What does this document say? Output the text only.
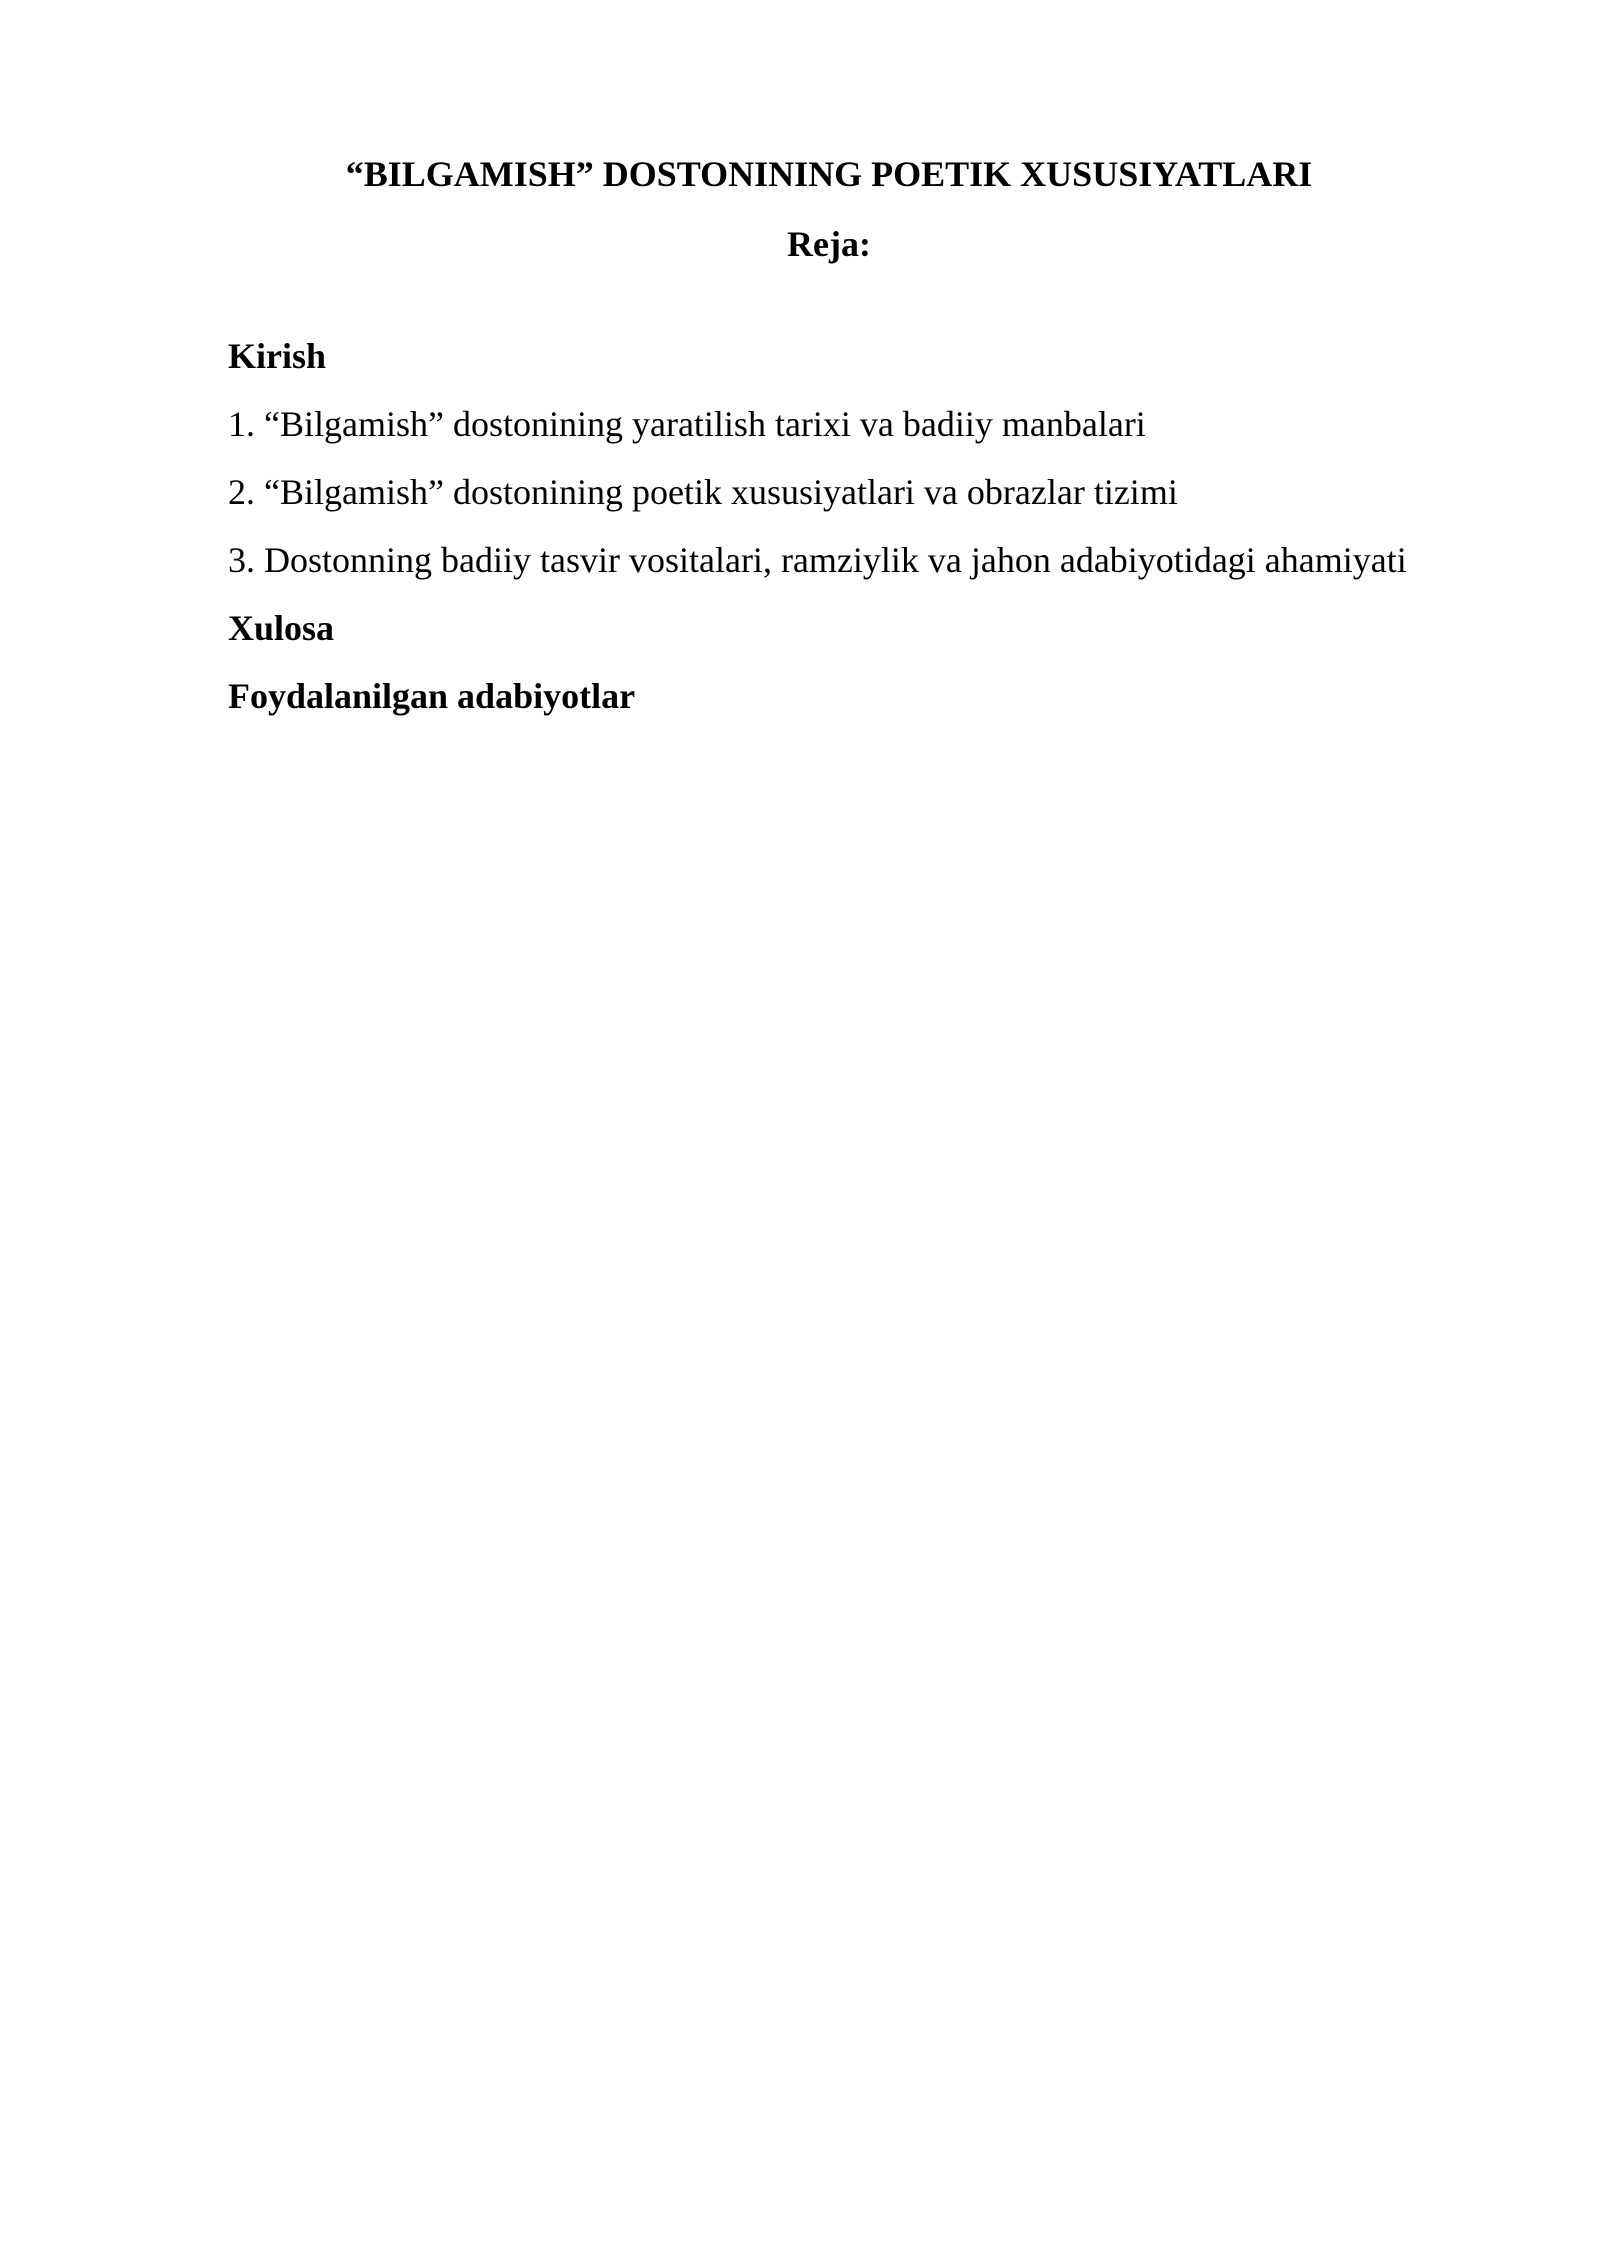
“BILGAMISH” DOSTONINING POETIK XUSUSIYATLARI
Reja:
Kirish
1. “Bilgamish” dostonining yaratilish tarixi va badiiy manbalari
2. “Bilgamish” dostonining poetik xususiyatlari va obrazlar tizimi
3. Dostonning badiiy tasvir vositalari, ramziylik va jahon adabiyotidagi ahamiyati
Xulosa
Foydalanilgan adabiyotlar
